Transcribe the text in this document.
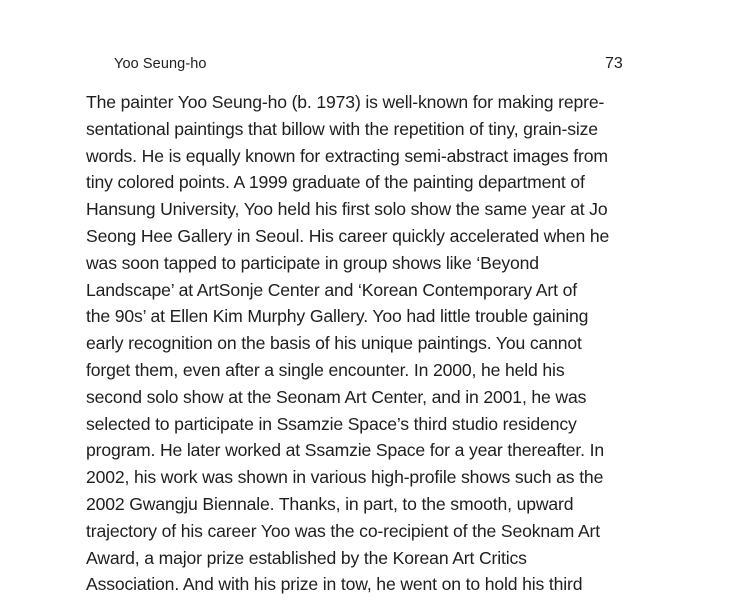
Yoo Seung-ho	73
The painter Yoo Seung-ho (b. 1973) is well-known for making repre-
sentational paintings that billow with the repetition of tiny, grain-size
words. He is equally known for extracting semi-abstract images from
tiny colored points. A 1999 graduate of the painting department of
Hansung University, Yoo held his first solo show the same year at Jo
Seong Hee Gallery in Seoul. His career quickly accelerated when he
was soon tapped to participate in group shows like ‘Beyond
Landscape’ at ArtSonje Center and ‘Korean Contemporary Art of
the 90s’ at Ellen Kim Murphy Gallery. Yoo had little trouble gaining
early recognition on the basis of his unique paintings. You cannot
forget them, even after a single encounter. In 2000, he held his
second solo show at the Seonam Art Center, and in 2001, he was
selected to participate in Ssamzie Space’s third studio residency
program. He later worked at Ssamzie Space for a year thereafter. In
2002, his work was shown in various high-profile shows such as the
2002 Gwangju Biennale. Thanks, in part, to the smooth, upward
trajectory of his career Yoo was the co-recipient of the Seoknam Art
Award, a major prize established by the Korean Art Critics
Association. And with his prize in tow, he went on to hold his third
